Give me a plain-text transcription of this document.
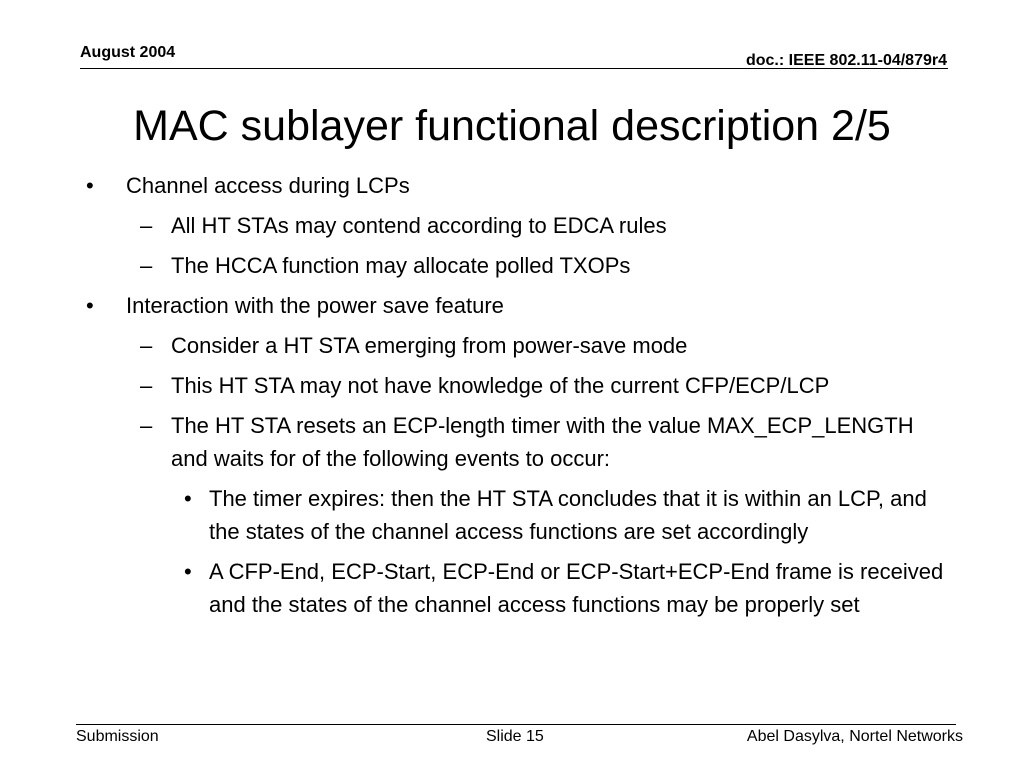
August 2004	doc.: IEEE 802.11-04/879r4
MAC sublayer functional description 2/5
•	Channel access during LCPs
– All HT STAs may contend according to EDCA rules
– The HCCA function may allocate polled TXOPs
•	Interaction with the power save feature
– Consider a HT STA emerging from power-save mode
– This HT STA may not have knowledge of the current CFP/ECP/LCP
– The HT STA resets an ECP-length timer with the value MAX_ECP_LENGTH and waits for of the following events to occur:
• The timer expires: then the HT STA concludes that it is within an LCP, and the states of the channel access functions are set accordingly
• A CFP-End, ECP-Start, ECP-End or ECP-Start+ECP-End frame is received and the states of the channel access functions may be properly set
Submission	Slide 15	Abel Dasylva, Nortel Networks
